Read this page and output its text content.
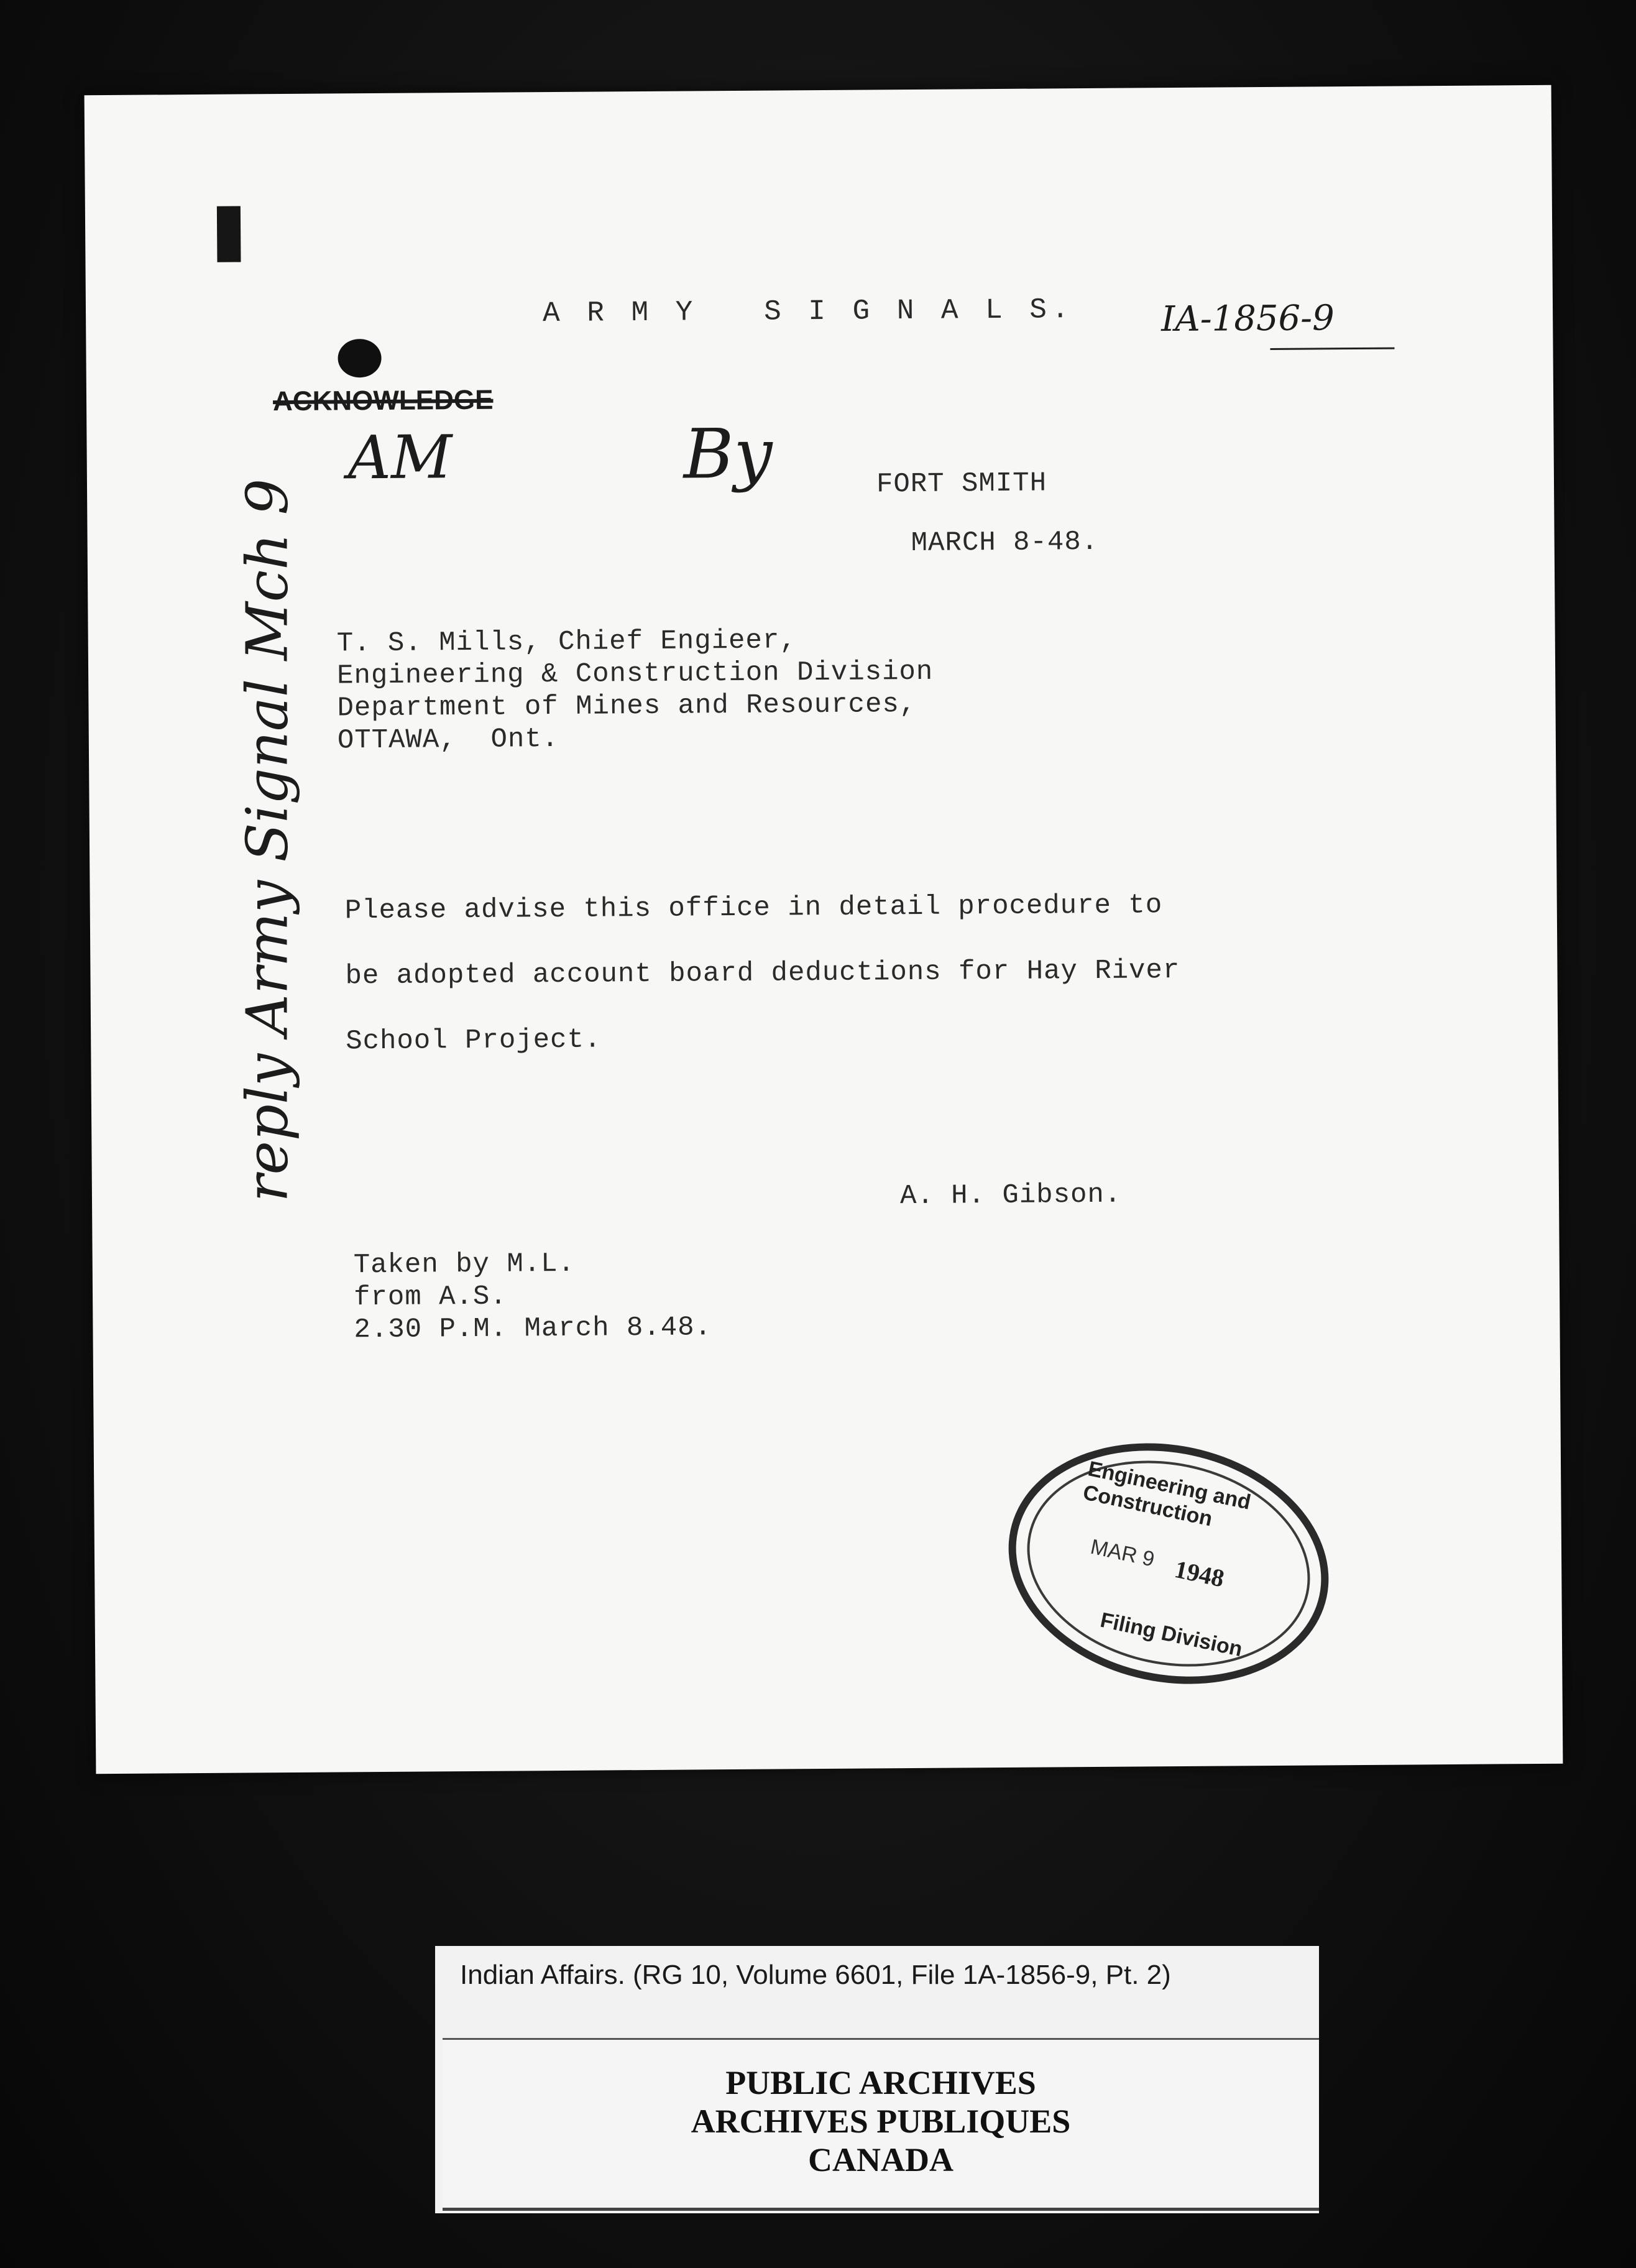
A R M Y   S I G N A L S.	IA-1856-9
ACKNOWLEDGE
AM	By	FORT SMITH
MARCH 8-48.
T. S. Mills, Chief Engieer,
Engineering & Construction Division
Department of Mines and Resources,
OTTAWA,  Ont.
Please advise this office in detail procedure to
be adopted account board deductions for Hay River
School Project.
A. H. Gibson.
Taken by M.L.
from A.S.
2.30 P.M. March 8.48.
reply Army Signal Mch 9
Engineering and Construction
MAR 9
1948
Filing Division
Indian Affairs. (RG 10, Volume 6601, File 1A-1856-9, Pt. 2)
PUBLIC ARCHIVES
ARCHIVES PUBLIQUES
CANADA
